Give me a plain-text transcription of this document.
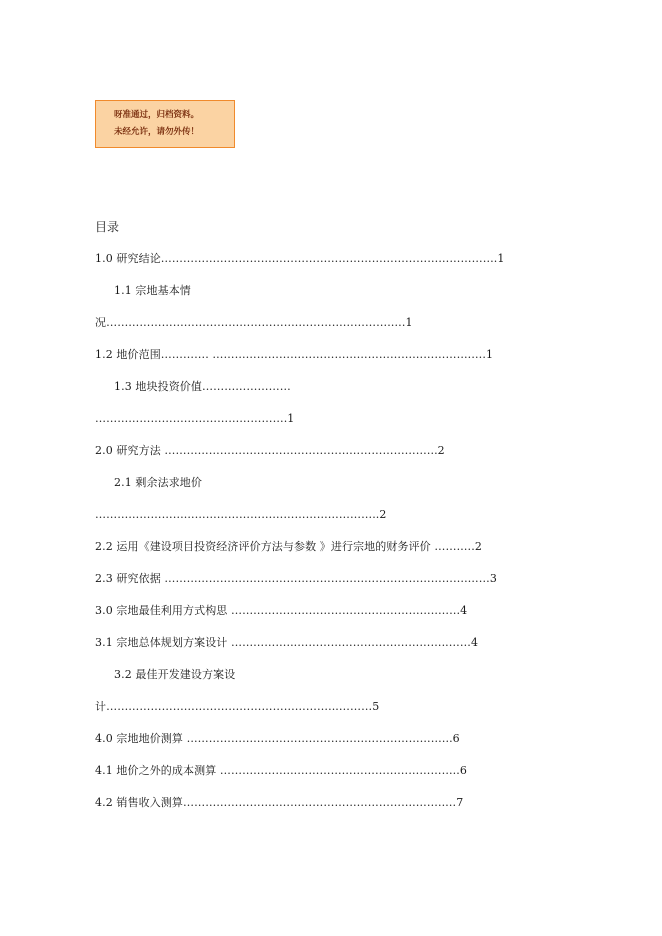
呀准通过，归档资料。
未经允许，请勿外传！
目录
1.0 研究结论……………………………………………………………………………….1
1.1 宗地基本情
况…………………………………………….…………………….….1
1.2 地价范围…………. …………………………………………………………….….1
1.3 地块投资价值……………………
…………………………………………….1
2.0 研究方法 ………………………..……………………………………...2
2.1 剩余法求地价
……………………...…………………………………………..2
2.2 运用《建设项目投资经济评价方法与参数 》进行宗地的财务评价 …….….2
2.3 研究依据 ……………………………………………………………………….……3
3.0 宗地最佳利用方式构思 ………………………………………………..……4
3.1 宗地总体规划方案设计 ……………...…………………………………..……4
3.2 最佳开发建设方案设
计……………………………………………………...………5
4.0 宗地地价测算 ……………………………………………………………...6
4.1 地价之外的成本测算 ………………...……………………………………..6
4.2 销售收入测算……………………..……………………………….……..…7
